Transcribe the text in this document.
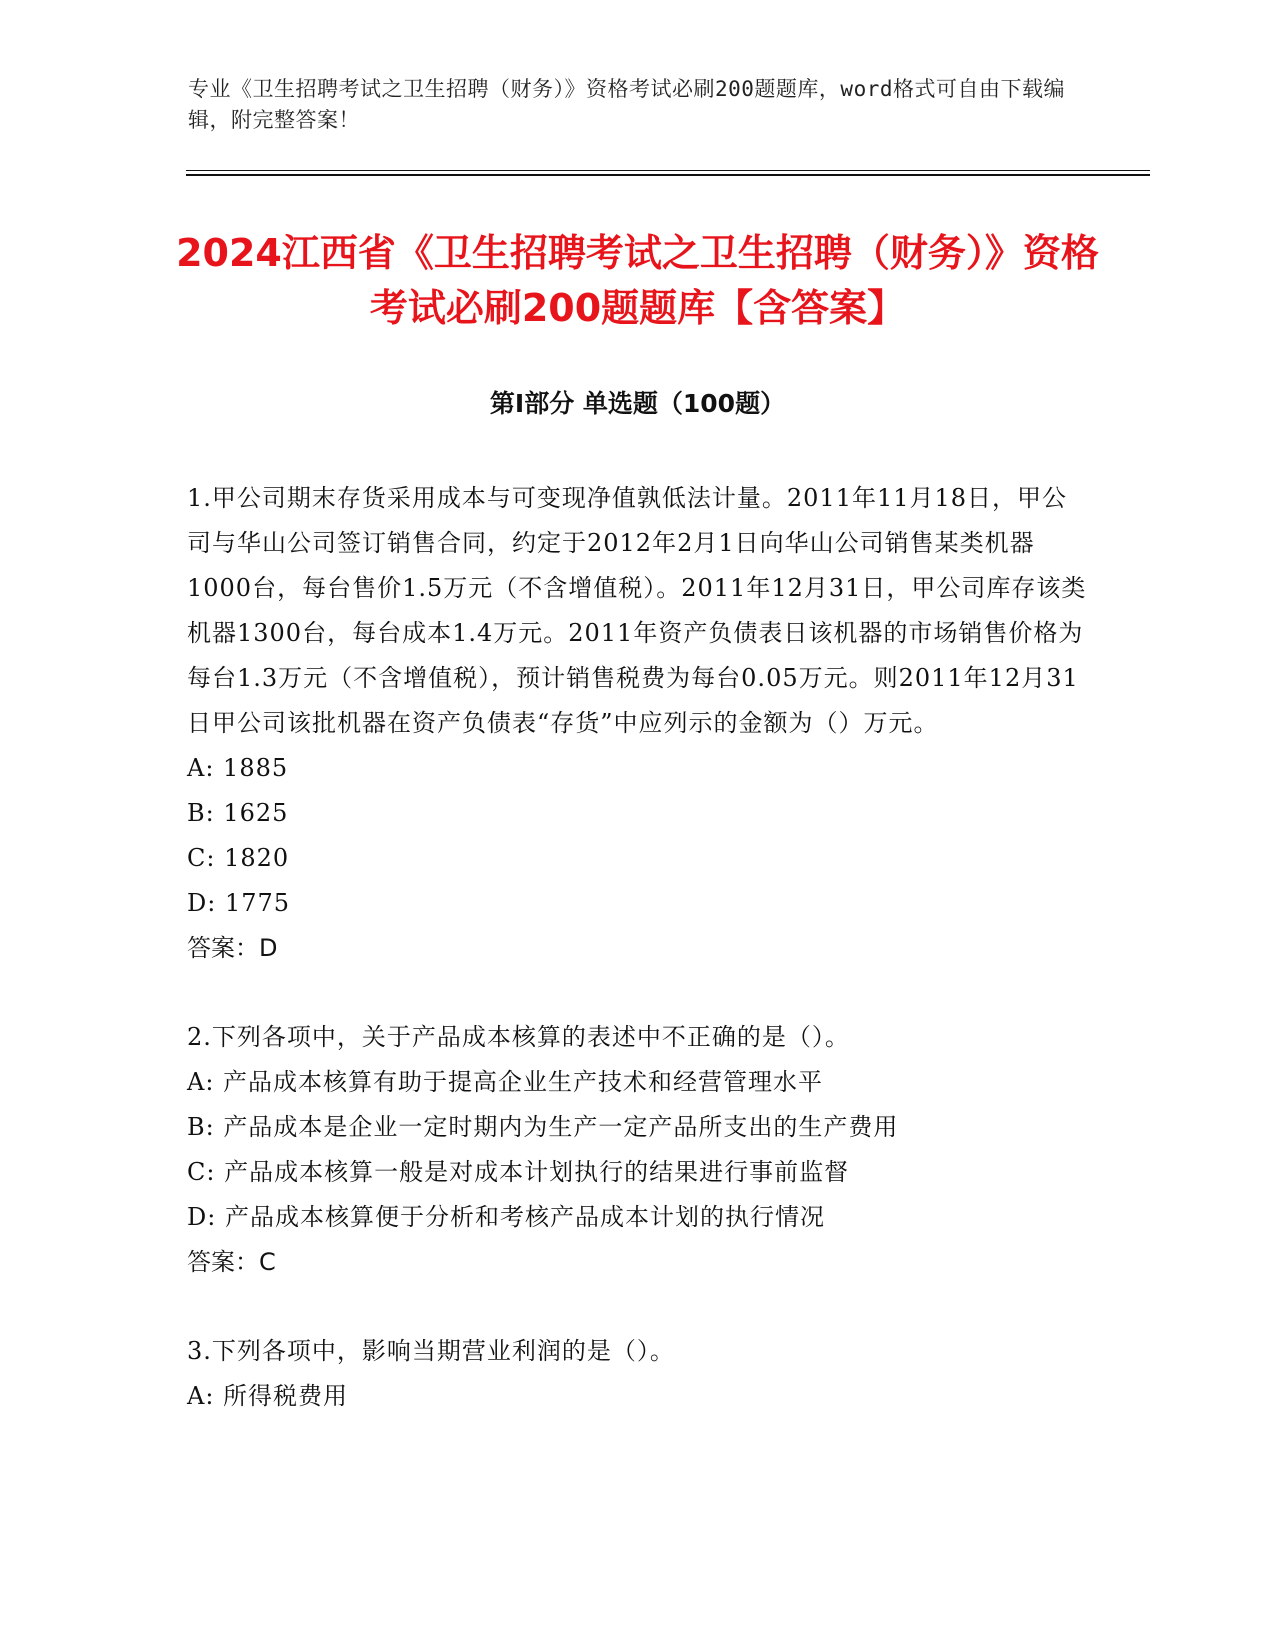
专业《卫生招聘考试之卫生招聘（财务）》资格考试必刷200题题库，word格式可自由下载编辑，附完整答案！
2024江西省《卫生招聘考试之卫生招聘（财务）》资格考试必刷200题题库【含答案】
第Ⅰ部分 单选题（100题）

1.甲公司期末存货采用成本与可变现净值孰低法计量。2011年11月18日，甲公司与华山公司签订销售合同，约定于2012年2月1日向华山公司销售某类机器1000台，每台售价1.5万元（不含增值税）。2011年12月31日，甲公司库存该类机器1300台，每台成本1.4万元。2011年资产负债表日该机器的市场销售价格为每台1.3万元（不含增值税），预计销售税费为每台0.05万元。则2011年12月31日甲公司该批机器在资产负债表“存货”中应列示的金额为（）万元。

A: 1885

B: 1625

C: 1820

D: 1775

答案：D

2.下列各项中，关于产品成本核算的表述中不正确的是（）。

A: 产品成本核算有助于提高企业生产技术和经营管理水平

B: 产品成本是企业一定时期内为生产一定产品所支出的生产费用

C: 产品成本核算一般是对成本计划执行的结果进行事前监督

D: 产品成本核算便于分析和考核产品成本计划的执行情况

答案：C

3.下列各项中，影响当期营业利润的是（）。

A: 所得税费用
